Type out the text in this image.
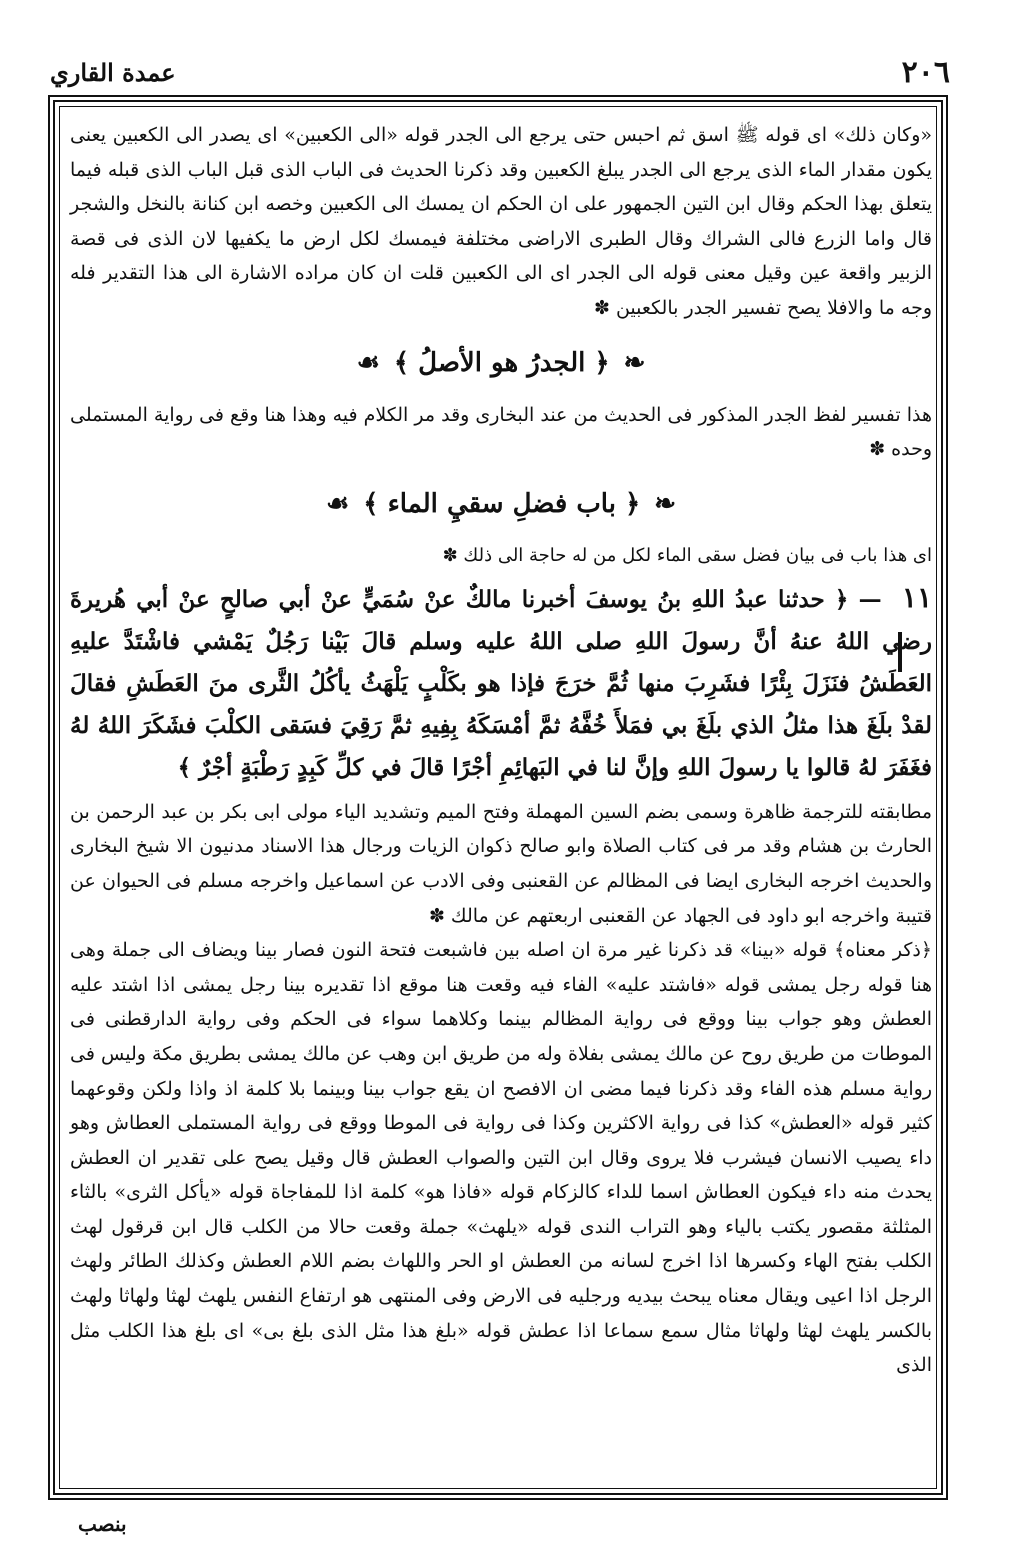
٢٠٦
عمدة القاري

«وكان ذلك» اى قوله ﷺ اسق ثم احبس حتى يرجع الى الجدر قوله «الى الكعبين» اى يصدر الى الكعبين يعنى يكون مقدار الماء الذى يرجع الى الجدر يبلغ الكعبين وقد ذكرنا الحديث فى الباب الذى قبل الباب الذى قبله فيما يتعلق بهذا الحكم وقال ابن التين الجمهور على ان الحكم ان يمسك الى الكعبين وخصه ابن كنانة بالنخل والشجر قال واما الزرع فالى الشراك وقال الطبرى الاراضى مختلفة فيمسك لكل ارض ما يكفيها لان الذى فى قصة الزبير واقعة عين وقيل معنى قوله الى الجدر اى الى الكعبين قلت ان كان مراده الاشارة الى هذا التقدير فله وجه ما والافلا يصح تفسير الجدر بالكعبين ✽

❧
﴿ الجدرُ هو الأصلُ ﴾
☙

هذا تفسير لفظ الجدر المذكور فى الحديث من عند البخارى وقد مر الكلام فيه وهذا هنا وقع فى رواية المستملى وحده ✽

❧
﴿ باب فضلِ سقيِ الماء ﴾
☙

اى هذا باب فى بيان فضل سقى الماء لكل من له حاجة الى ذلك ✽

١١ — ﴿ حدثنا عبدُ اللهِ بنُ يوسفَ أخبرنا مالكٌ عنْ سُمَيٍّ عنْ أبي صالحٍ عنْ أبي هُريرةَ رضي اللهُ عنهُ أنَّ رسولَ اللهِ صلى اللهُ عليه وسلم قالَ بَيْنا رَجُلٌ يَمْشي فاشْتَدَّ عليهِ العَطَشُ فنَزَلَ بِئْرًا فشَرِبَ منها ثُمَّ خرَجَ فإذا هو بكَلْبٍ يَلْهَثُ يأكُلُ الثَّرى منَ العَطَشِ فقالَ لقدْ بلَغَ هذا مثلُ الذي بلَغَ بي فمَلأَ خُفَّهُ ثمَّ أمْسَكَهُ بِفِيهِ ثمَّ رَقِيَ فسَقى الكلْبَ فشَكَرَ اللهُ لهُ فغَفَرَ لهُ قالوا يا رسولَ اللهِ وإنَّ لنا في البَهائِمِ أجْرًا قالَ في كلِّ كَبِدٍ رَطْبَةٍ أجْرٌ ﴾

مطابقته للترجمة ظاهرة وسمى بضم السين المهملة وفتح الميم وتشديد الياء مولى ابى بكر بن عبد الرحمن بن الحارث بن هشام وقد مر فى كتاب الصلاة وابو صالح ذكوان الزيات ورجال هذا الاسناد مدنيون الا شيخ البخارى والحديث اخرجه البخارى ايضا فى المظالم عن القعنبى وفى الادب عن اسماعيل واخرجه مسلم فى الحيوان عن قتيبة واخرجه ابو داود فى الجهاد عن القعنبى اربعتهم عن مالك ✽

﴿ذكر معناه﴾ قوله «بينا» قد ذكرنا غير مرة ان اصله بين فاشبعت فتحة النون فصار بينا ويضاف الى جملة وهى هنا قوله رجل يمشى قوله «فاشتد عليه» الفاء فيه وقعت هنا موقع اذا تقديره بينا رجل يمشى اذا اشتد عليه العطش وهو جواب بينا ووقع فى رواية المظالم بينما وكلاهما سواء فى الحكم وفى رواية الدارقطنى فى الموطات من طريق روح عن مالك يمشى بفلاة وله من طريق ابن وهب عن مالك يمشى بطريق مكة وليس فى رواية مسلم هذه الفاء وقد ذكرنا فيما مضى ان الافصح ان يقع جواب بينا وبينما بلا كلمة اذ واذا ولكن وقوعهما كثير قوله «العطش» كذا فى رواية الاكثرين وكذا فى رواية فى الموطا ووقع فى رواية المستملى العطاش وهو داء يصيب الانسان فيشرب فلا يروى وقال ابن التين والصواب العطش قال وقيل يصح على تقدير ان العطش يحدث منه داء فيكون العطاش اسما للداء كالزكام قوله «فاذا هو» كلمة اذا للمفاجاة قوله «يأكل الثرى» بالثاء المثلثة مقصور يكتب بالياء وهو التراب الندى قوله «يلهث» جملة وقعت حالا من الكلب قال ابن قرقول لهث الكلب بفتح الهاء وكسرها اذا اخرج لسانه من العطش او الحر واللهاث بضم اللام العطش وكذلك الطائر ولهث الرجل اذا اعيى ويقال معناه يبحث بيديه ورجليه فى الارض وفى المنتهى هو ارتفاع النفس يلهث لهثا ولهاثا ولهث بالكسر يلهث لهثا ولهاثا مثال سمع سماعا اذا عطش قوله «بلغ هذا مثل الذى بلغ بى» اى بلغ هذا الكلب مثل الذى

بنصب
